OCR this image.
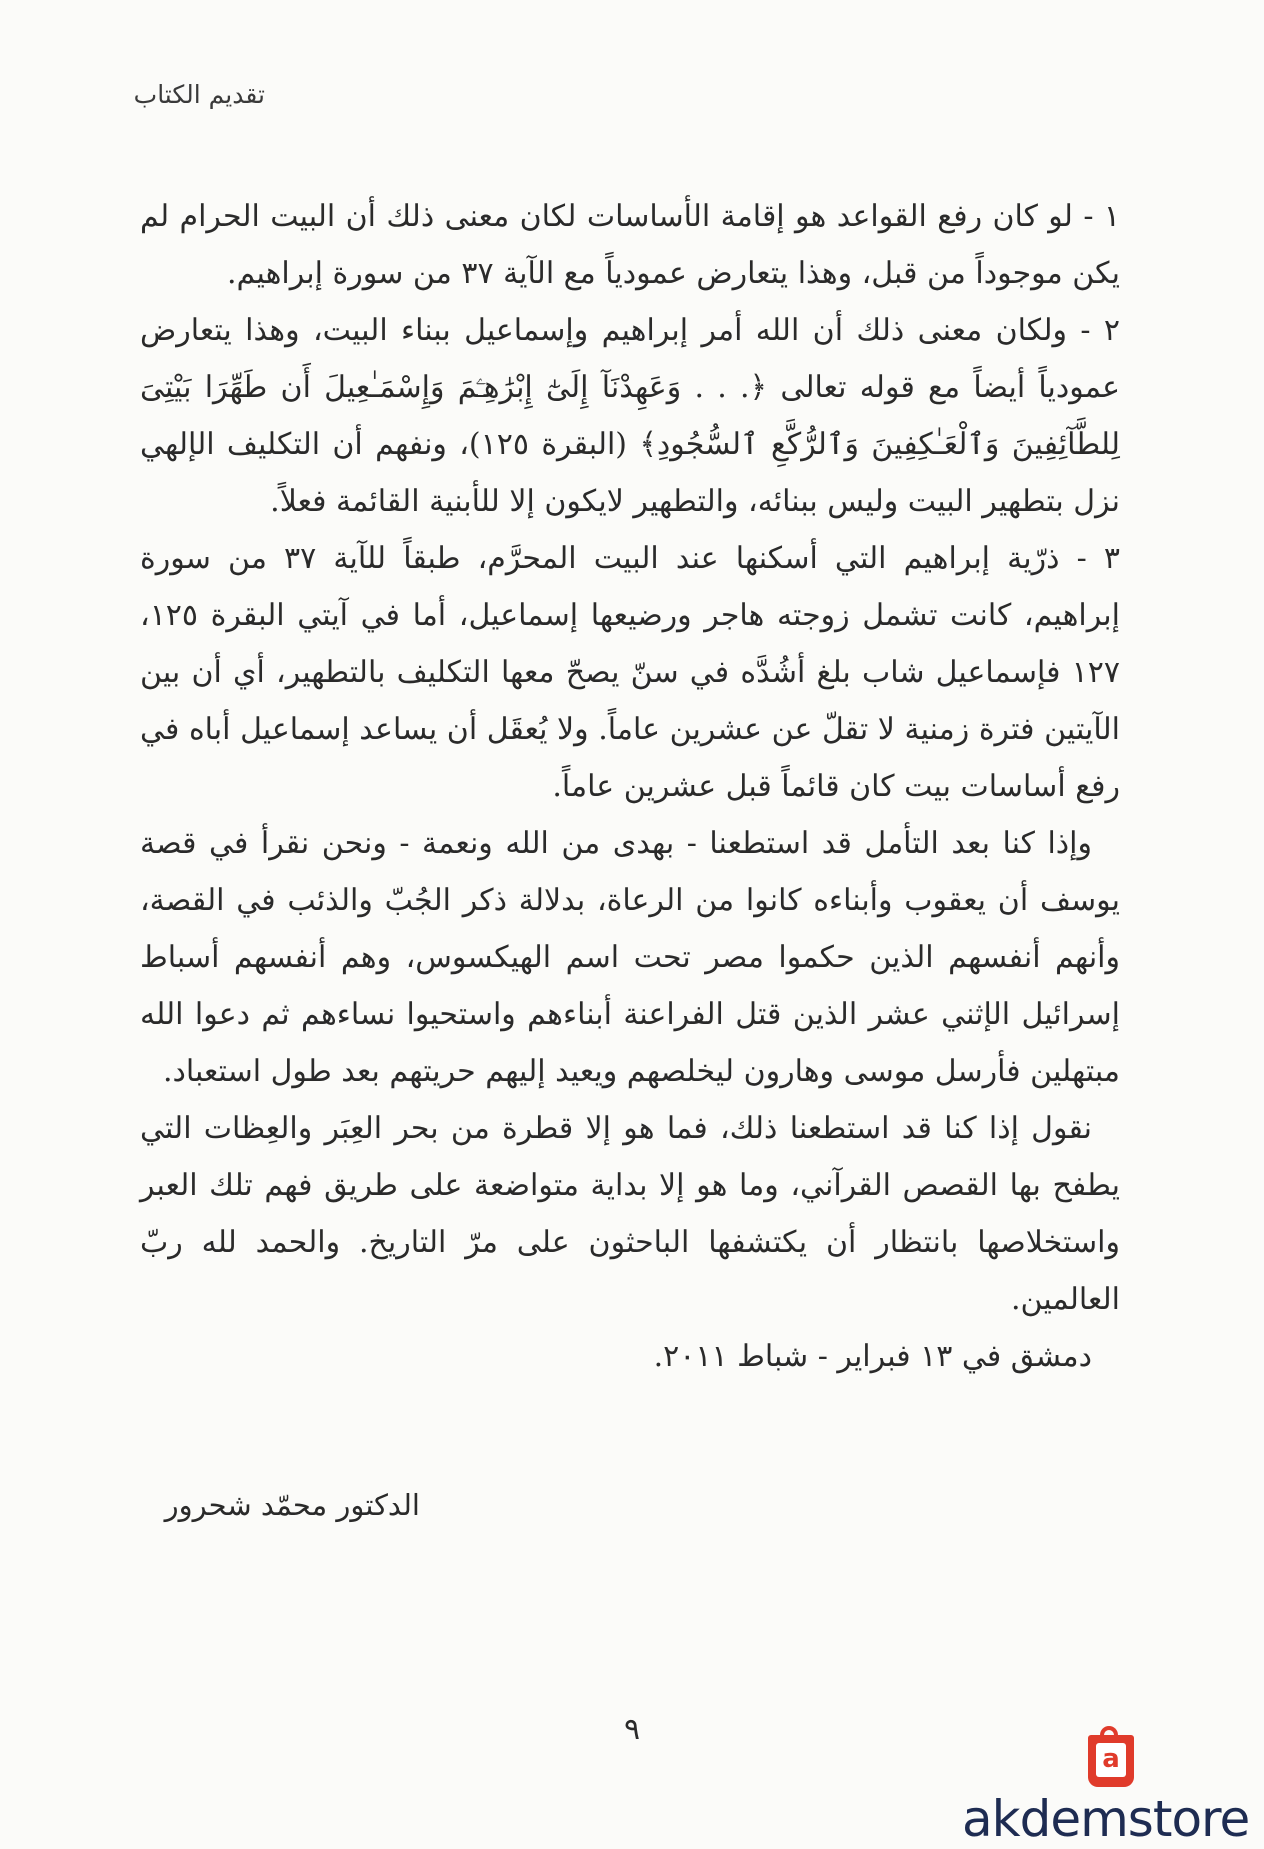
تقديم الكتاب

١ - لو كان رفع القواعد هو إقامة الأساسات لكان معنى ذلك أن البيت الحرام لم يكن موجوداً من قبل، وهذا يتعارض عمودياً مع الآية ٣٧ من سورة إبراهيم.

٢ - ولكان معنى ذلك أن الله أمر إبراهيم وإسماعيل ببناء البيت، وهذا يتعارض عمودياً أيضاً مع قوله تعالى ﴿. . . وَعَهِدْنَآ إِلَىٰٓ إِبْرَٰهِـۧمَ وَإِسْمَـٰعِيلَ أَن طَهِّرَا بَيْتِىَ لِلطَّآئِفِينَ وَٱلْعَـٰكِفِينَ وَٱلرُّكَّعِ ٱلسُّجُودِ﴾ (البقرة ١٢٥)، ونفهم أن التكليف الإلهي نزل بتطهير البيت وليس ببنائه، والتطهير لايكون إلا للأبنية القائمة فعلاً.

٣ - ذرّية إبراهيم التي أسكنها عند البيت المحرَّم، طبقاً للآية ٣٧ من سورة إبراهيم، كانت تشمل زوجته هاجر ورضيعها إسماعيل، أما في آيتي البقرة ١٢٥، ١٢٧ فإسماعيل شاب بلغ أشُدَّه في سنّ يصحّ معها التكليف بالتطهير، أي أن بين الآيتين فترة زمنية لا تقلّ عن عشرين عاماً. ولا يُعقَل أن يساعد إسماعيل أباه في رفع أساسات بيت كان قائماً قبل عشرين عاماً.

وإذا كنا بعد التأمل قد استطعنا - بهدى من الله ونعمة - ونحن نقرأ في قصة يوسف أن يعقوب وأبناءه كانوا من الرعاة، بدلالة ذكر الجُبّ والذئب في القصة، وأنهم أنفسهم الذين حكموا مصر تحت اسم الهيكسوس، وهم أنفسهم أسباط إسرائيل الإثني عشر الذين قتل الفراعنة أبناءهم واستحيوا نساءهم ثم دعوا الله مبتهلين فأرسل موسى وهارون ليخلصهم ويعيد إليهم حريتهم بعد طول استعباد.

نقول إذا كنا قد استطعنا ذلك، فما هو إلا قطرة من بحر العِبَر والعِظات التي يطفح بها القصص القرآني، وما هو إلا بداية متواضعة على طريق فهم تلك العبر واستخلاصها بانتظار أن يكتشفها الباحثون على مرّ التاريخ. والحمد لله ربّ العالمين.

دمشق في ١٣ فبراير - شباط ٢٠١١.

الدكتور محمّد شحرور
٩
a
akdemstore
